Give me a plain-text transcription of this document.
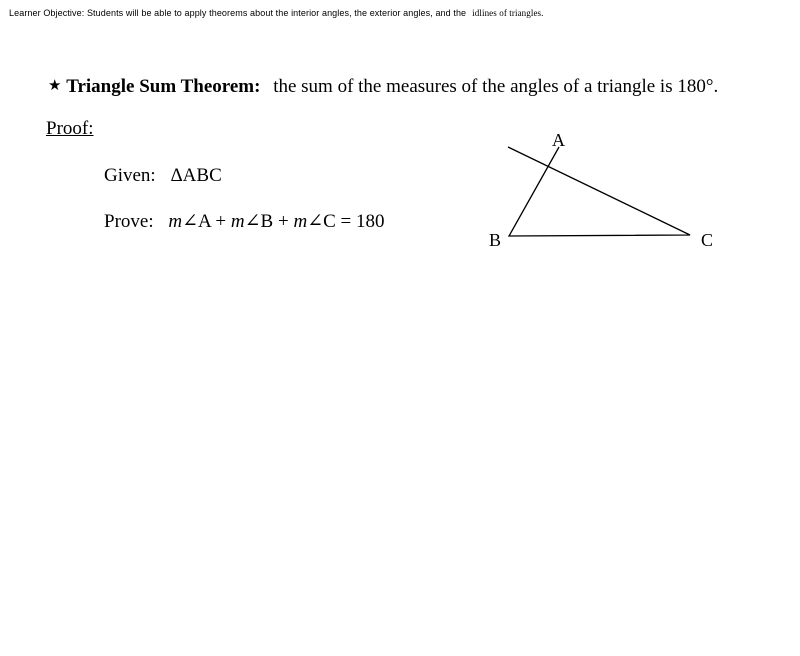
Learner Objective: Students will be able to apply theorems about the interior angles, the exterior angles, and the idlines of triangles.
★ Triangle Sum Theorem: the sum of the measures of the angles of a triangle is 180°.
Proof:
Given: ΔABC
Prove: m∠A + m∠B + m∠C = 180
A
B	C
